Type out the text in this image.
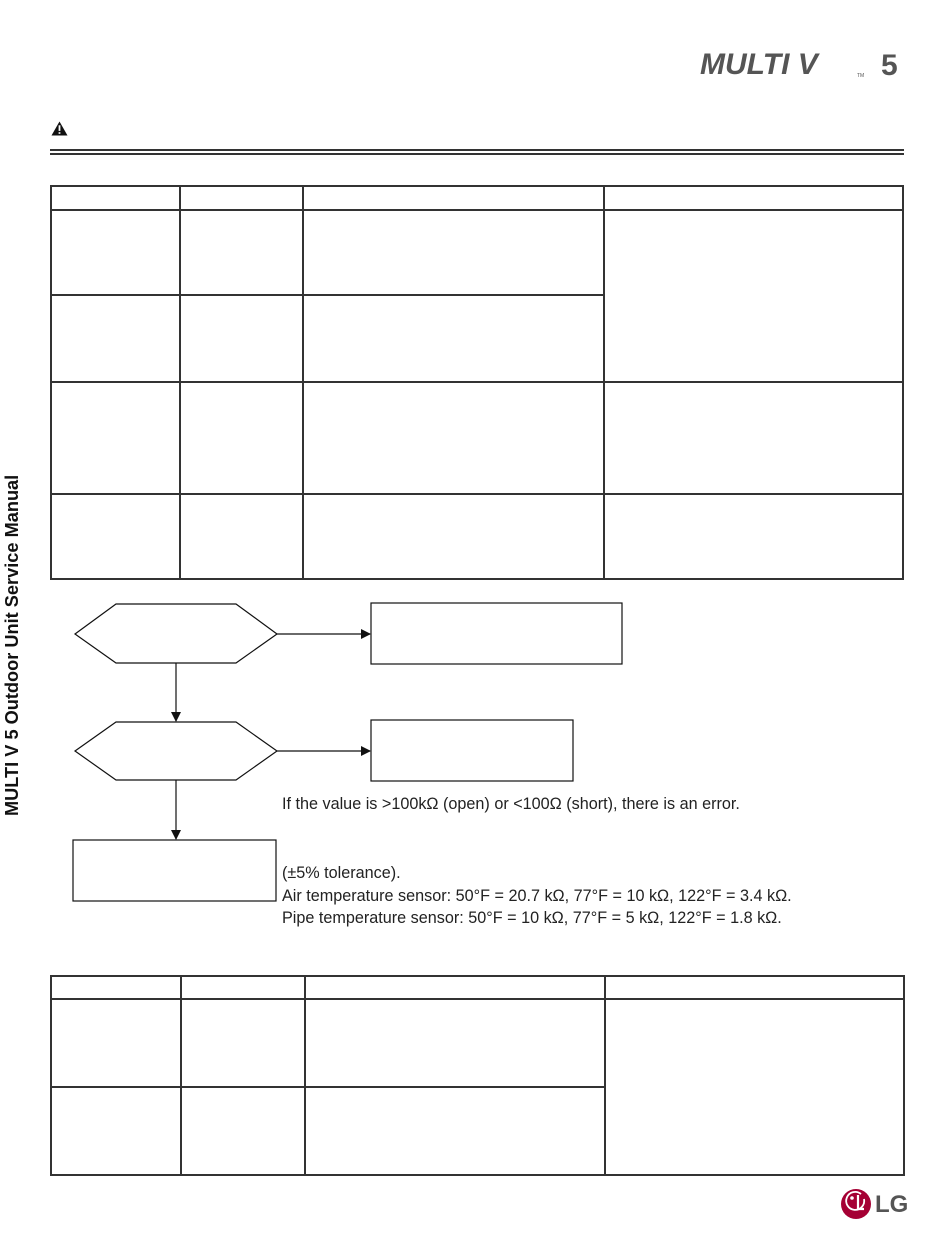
MULTI V	TM 5
MULTI V 5 Outdoor Unit Service Manual	If the value is >100kΩ (open) or <100Ω (short), there is an error.
(±5% tolerance).
Air temperature sensor: 50°F = 20.7 kΩ, 77°F = 10 kΩ, 122°F = 3.4 kΩ.
Pipe temperature sensor: 50°F = 10 kΩ, 77°F = 5 kΩ, 122°F = 1.8 kΩ.
LG
